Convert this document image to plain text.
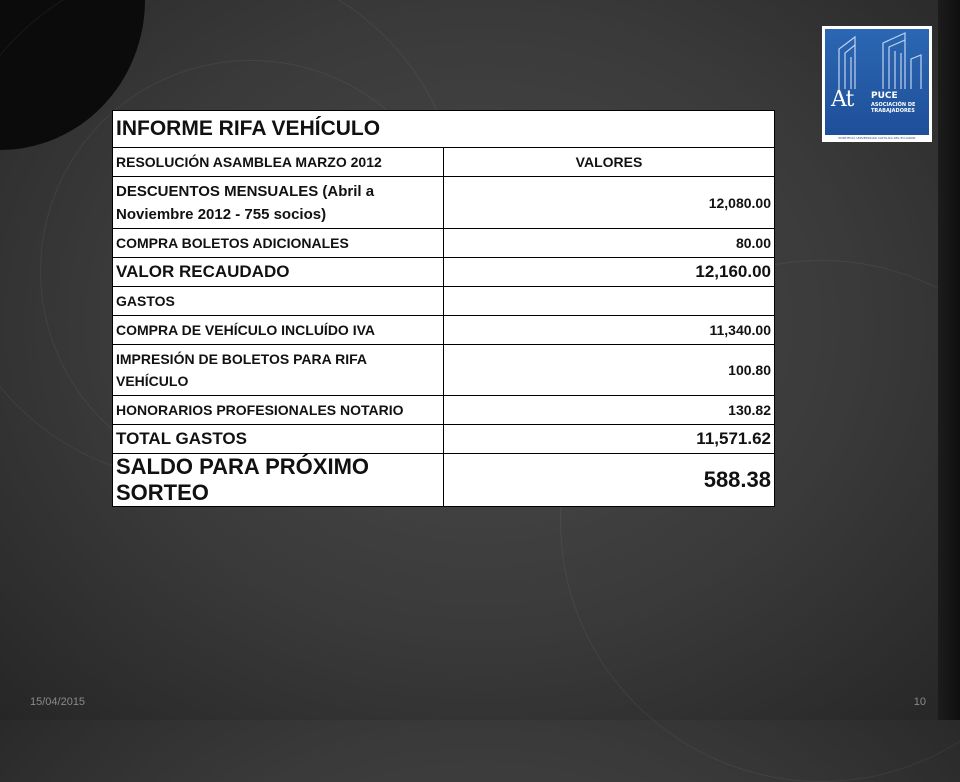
At PUCE
ASOCIACIÓN DE
TRABAJADORES
PONTIFICIA UNIVERSIDAD CATÓLICA DEL ECUADOR
INFORME RIFA VEHÍCULO	
RESOLUCIÓN ASAMBLEA MARZO 2012	VALORES
DESCUENTOS MENSUALES (Abril a Noviembre 2012 - 755 socios)	12,080.00
COMPRA BOLETOS ADICIONALES	80.00
VALOR RECAUDADO	12,160.00
GASTOS	
COMPRA DE VEHÍCULO INCLUÍDO IVA	11,340.00
IMPRESIÓN DE BOLETOS PARA RIFA VEHÍCULO	100.80
HONORARIOS PROFESIONALES NOTARIO	130.82
TOTAL GASTOS	11,571.62
SALDO PARA PRÓXIMO SORTEO	588.38
15/04/2015	10
